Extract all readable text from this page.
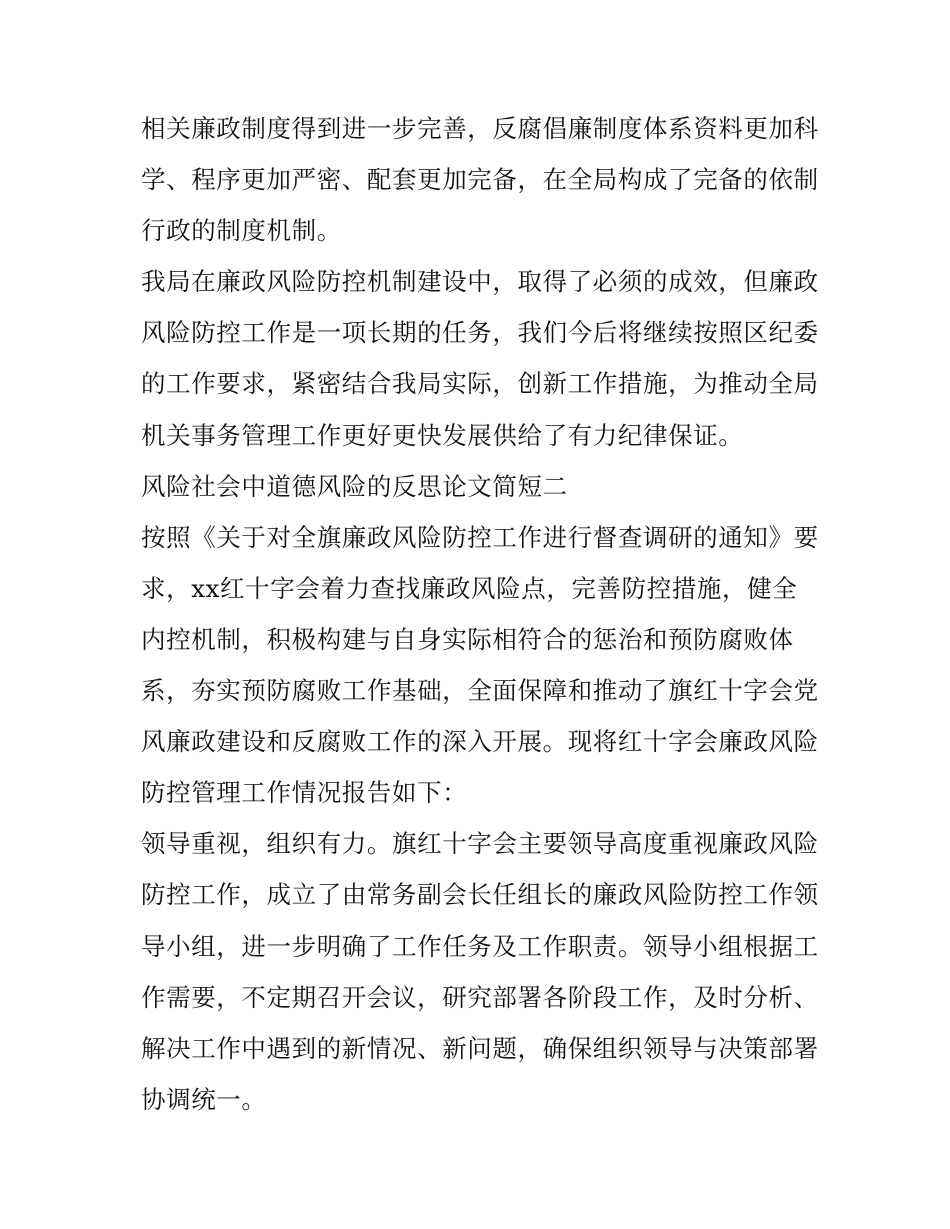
相关廉政制度得到进一步完善，反腐倡廉制度体系资料更加科
学、程序更加严密、配套更加完备，在全局构成了完备的依制
行政的制度机制。
我局在廉政风险防控机制建设中，取得了必须的成效，但廉政
风险防控工作是一项长期的任务，我们今后将继续按照区纪委
的工作要求，紧密结合我局实际，创新工作措施，为推动全局
机关事务管理工作更好更快发展供给了有力纪律保证。
风险社会中道德风险的反思论文简短二
按照《关于对全旗廉政风险防控工作进行督查调研的通知》要
求，xx红十字会着力查找廉政风险点，完善防控措施，健全
内控机制，积极构建与自身实际相符合的惩治和预防腐败体
系，夯实预防腐败工作基础，全面保障和推动了旗红十字会党
风廉政建设和反腐败工作的深入开展。现将红十字会廉政风险
防控管理工作情况报告如下：
领导重视，组织有力。旗红十字会主要领导高度重视廉政风险
防控工作，成立了由常务副会长任组长的廉政风险防控工作领
导小组，进一步明确了工作任务及工作职责。领导小组根据工
作需要，不定期召开会议，研究部署各阶段工作，及时分析、
解决工作中遇到的新情况、新问题，确保组织领导与决策部署
协调统一。
